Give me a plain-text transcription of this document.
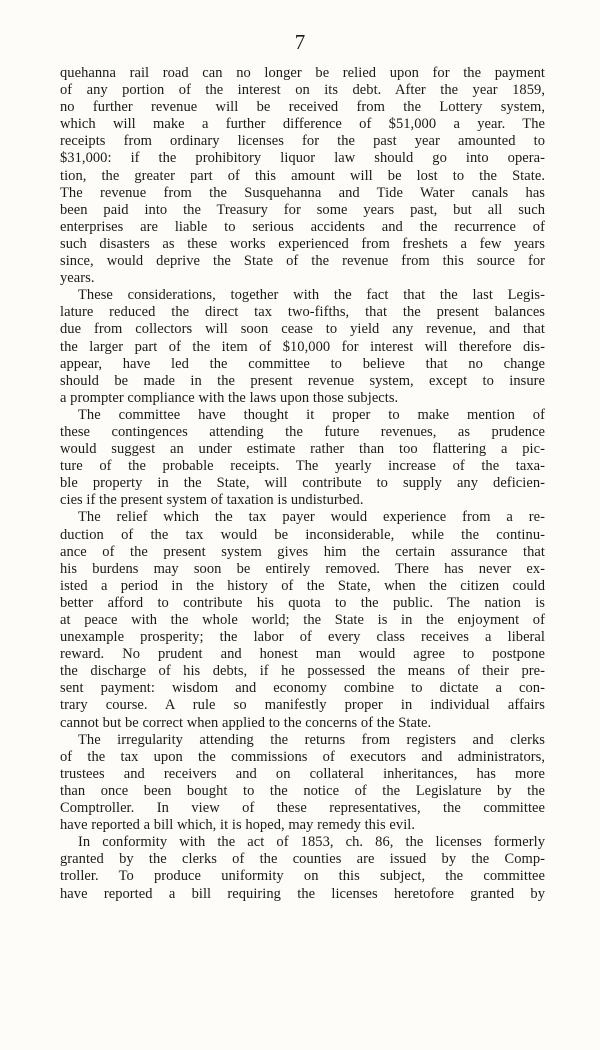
7
quehanna rail road can no longer be relied upon for the payment
of any portion of the interest on its debt. After the year 1859,
no further revenue will be received from the Lottery system,
which will make a further difference of $51,000 a year. The
receipts from ordinary licenses for the past year amounted to
$31,000: if the prohibitory liquor law should go into opera-
tion, the greater part of this amount will be lost to the State.
The revenue from the Susquehanna and Tide Water canals has
been paid into the Treasury for some years past, but all such
enterprises are liable to serious accidents and the recurrence of
such disasters as these works experienced from freshets a few years
since, would deprive the State of the revenue from this source for
years.
These considerations, together with the fact that the last Legis-
lature reduced the direct tax two-fifths, that the present balances
due from collectors will soon cease to yield any revenue, and that
the larger part of the item of $10,000 for interest will therefore dis-
appear, have led the committee to believe that no change
should be made in the present revenue system, except to insure
a prompter compliance with the laws upon those subjects.
The committee have thought it proper to make mention of
these contingences attending the future revenues, as prudence
would suggest an under estimate rather than too flattering a pic-
ture of the probable receipts. The yearly increase of the taxa-
ble property in the State, will contribute to supply any deficien-
cies if the present system of taxation is undisturbed.
The relief which the tax payer would experience from a re-
duction of the tax would be inconsiderable, while the continu-
ance of the present system gives him the certain assurance that
his burdens may soon be entirely removed. There has never ex-
isted a period in the history of the State, when the citizen could
better afford to contribute his quota to the public. The nation is
at peace with the whole world; the State is in the enjoyment of
unexample prosperity; the labor of every class receives a liberal
reward. No prudent and honest man would agree to postpone
the discharge of his debts, if he possessed the means of their pre-
sent payment: wisdom and economy combine to dictate a con-
trary course. A rule so manifestly proper in individual affairs
cannot but be correct when applied to the concerns of the State.
The irregularity attending the returns from registers and clerks
of the tax upon the commissions of executors and administrators,
trustees and receivers and on collateral inheritances, has more
than once been bought to the notice of the Legislature by the
Comptroller. In view of these representatives, the committee
have reported a bill which, it is hoped, may remedy this evil.
In conformity with the act of 1853, ch. 86, the licenses formerly
granted by the clerks of the counties are issued by the Comp-
troller. To produce uniformity on this subject, the committee
have reported a bill requiring the licenses heretofore granted by
